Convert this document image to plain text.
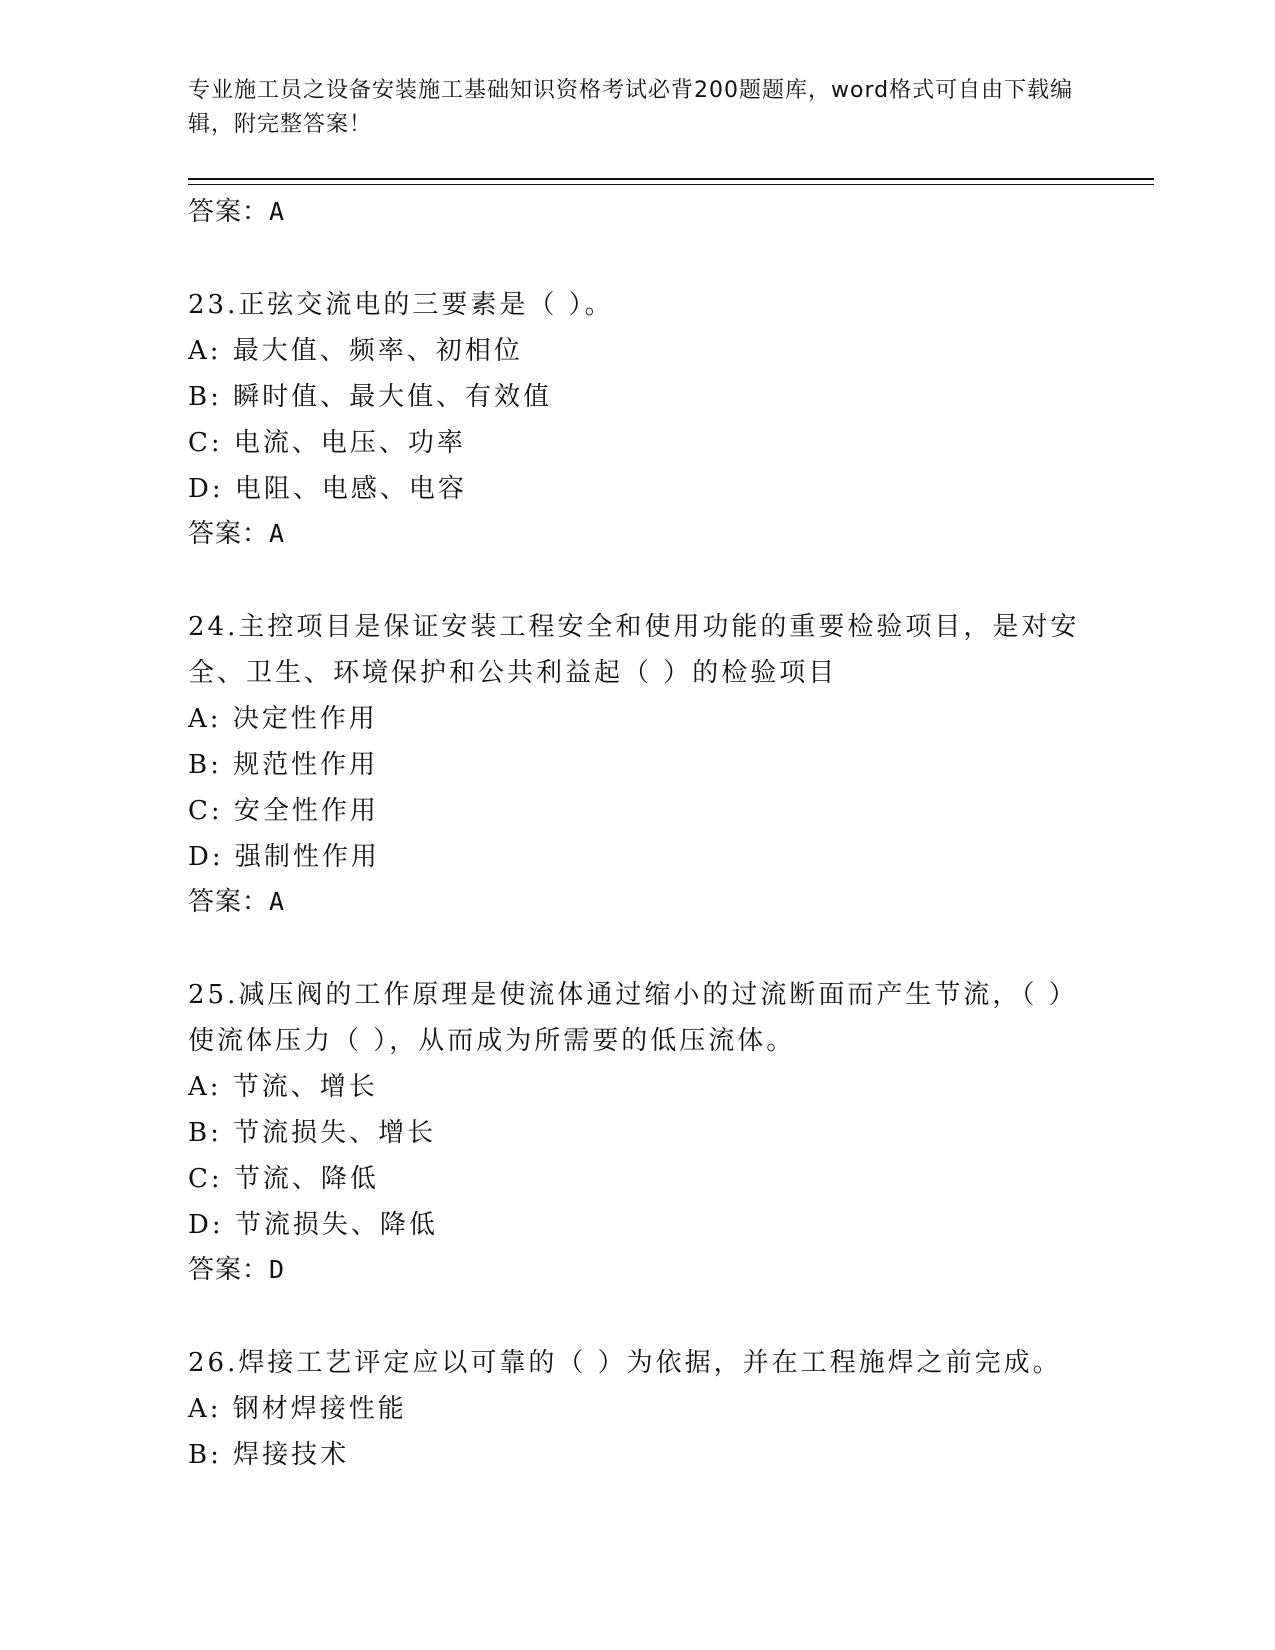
专业施工员之设备安装施工基础知识资格考试必背200题题库，word格式可自由下载编辑，附完整答案！
答案：A
23.正弦交流电的三要素是（ ）。
A: 最大值、频率、初相位
B: 瞬时值、最大值、有效值
C: 电流、电压、功率
D: 电阻、电感、电容
答案：A
24.主控项目是保证安装工程安全和使用功能的重要检验项目，是对安全、卫生、环境保护和公共利益起（ ）的检验项目
A: 决定性作用
B: 规范性作用
C: 安全性作用
D: 强制性作用
答案：A
25.减压阀的工作原理是使流体通过缩小的过流断面而产生节流，（ ）使流体压力（ ），从而成为所需要的低压流体。
A: 节流、增长
B: 节流损失、增长
C: 节流、降低
D: 节流损失、降低
答案：D
26.焊接工艺评定应以可靠的（ ）为依据，并在工程施焊之前完成。
A: 钢材焊接性能
B: 焊接技术
